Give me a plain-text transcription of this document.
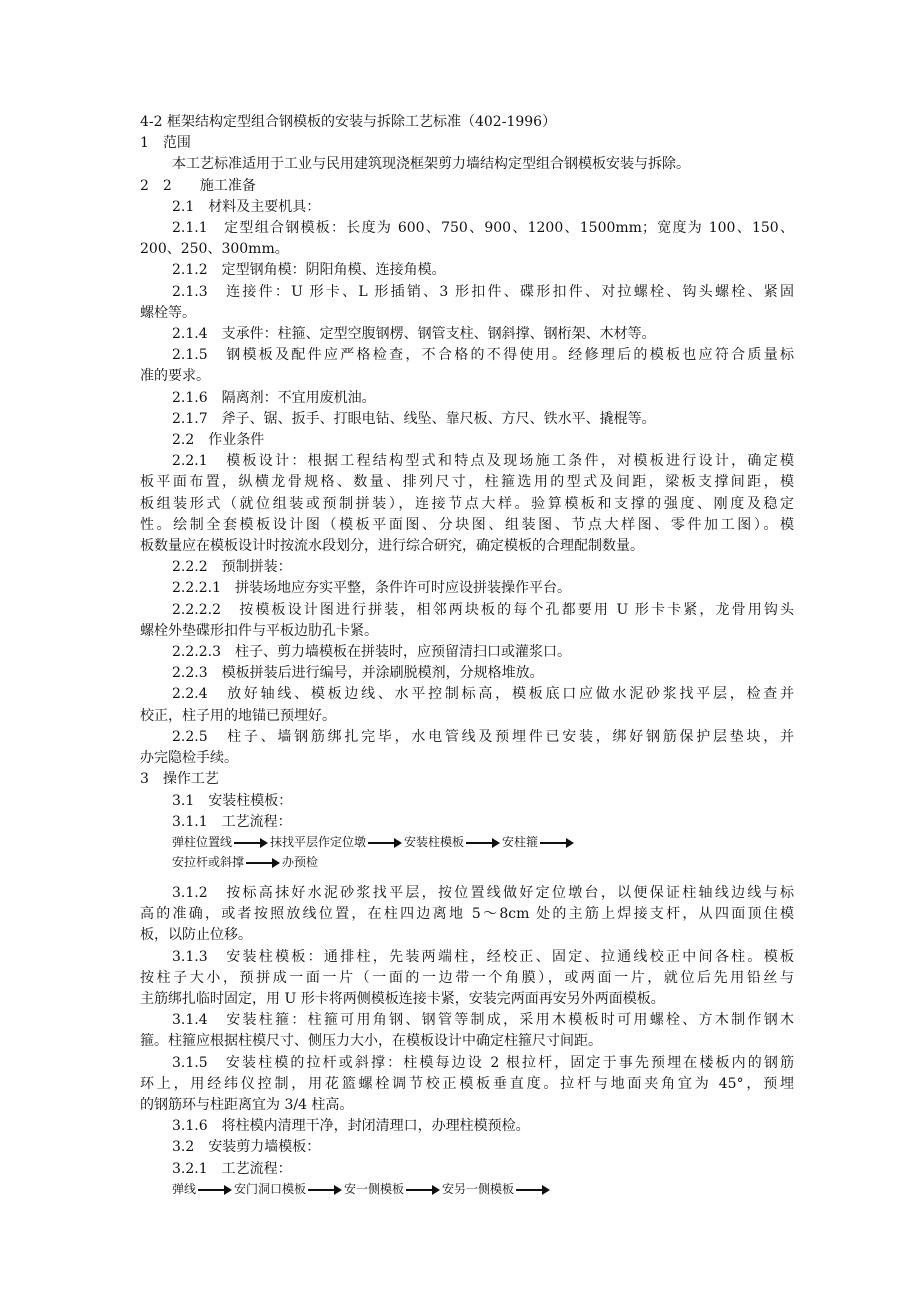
4-2 框架结构定型组合钢模板的安装与拆除工艺标准（402-1996）
1　范围
本工艺标准适用于工业与民用建筑现浇框架剪力墙结构定型组合钢模板安装与拆除。
2　2　　施工准备
2.1　材料及主要机具：
2.1.1　定型组合钢模板：长度为 600、750、900、1200、1500mm；宽度为 100、150、
200、250、300mm。
2.1.2　定型钢角模：阴阳角模、连接角模。
2.1.3　连接件：U 形卡、L 形插销、3 形扣件、碟形扣件、对拉螺栓、钩头螺栓、紧固
螺栓等。
2.1.4　支承件：柱箍、定型空腹钢楞、钢管支柱、钢斜撑、钢桁架、木材等。
2.1.5　钢模板及配件应严格检查，不合格的不得使用。经修理后的模板也应符合质量标
准的要求。
2.1.6　隔离剂：不宜用废机油。
2.1.7　斧子、锯、扳手、打眼电钻、线坠、靠尺板、方尺、铁水平、撬棍等。
2.2　作业条件
2.2.1　模板设计：根据工程结构型式和特点及现场施工条件，对模板进行设计，确定模
板平面布置，纵横龙骨规格、数量、排列尺寸，柱箍选用的型式及间距，梁板支撑间距，模
板组装形式（就位组装或预制拼装），连接节点大样。验算模板和支撑的强度、刚度及稳定
性。绘制全套模板设计图（模板平面图、分块图、组装图、节点大样图、零件加工图）。模
板数量应在模板设计时按流水段划分，进行综合研究，确定模板的合理配制数量。
2.2.2　预制拼装：
2.2.2.1　拼装场地应夯实平整，条件许可时应设拼装操作平台。
2.2.2.2　按模板设计图进行拼装，相邻两块板的每个孔都要用 U 形卡卡紧，龙骨用钩头
螺栓外垫碟形扣件与平板边肋孔卡紧。
2.2.2.3　柱子、剪力墙模板在拼装时，应预留清扫口或灌浆口。
2.2.3　模板拼装后进行编号，并涂刷脱模剂，分规格堆放。
2.2.4　放好轴线、模板边线、水平控制标高，模板底口应做水泥砂浆找平层，检查并
校正，柱子用的地锚已预埋好。
2.2.5　柱子、墙钢筋绑扎完毕，水电管线及预埋件已安装，绑好钢筋保护层垫块，并
办完隐检手续。
3　操作工艺
3.1　安装柱模板：
3.1.1　工艺流程：
弹柱位置线	抹找平层作定位墩	安装柱模板	安柱箍
安拉杆或斜撑	办预检
3.1.2　按标高抹好水泥砂浆找平层，按位置线做好定位墩台，以便保证柱轴线边线与标
高的准确，或者按照放线位置，在柱四边离地 5～8cm 处的主筋上焊接支杆，从四面顶住模
板，以防止位移。
3.1.3　安装柱模板：通排柱，先装两端柱，经校正、固定、拉通线校正中间各柱。模板
按柱子大小，预拼成一面一片（一面的一边带一个角膜），或两面一片，就位后先用铅丝与
主筋绑扎临时固定，用 U 形卡将两侧模板连接卡紧，安装完两面再安另外两面模板。
3.1.4　安装柱箍：柱箍可用角钢、钢管等制成，采用木模板时可用螺栓、方木制作钢木
箍。柱箍应根据柱模尺寸、侧压力大小，在模板设计中确定柱箍尺寸间距。
3.1.5　安装柱模的拉杆或斜撑：柱模每边设 2 根拉杆，固定于事先预埋在楼板内的钢筋
环上，用经纬仪控制，用花篮螺栓调节校正模板垂直度。拉杆与地面夹角宜为 45°，预埋
的钢筋环与柱距离宜为 3/4 柱高。
3.1.6　将柱模内清理干净，封闭清理口，办理柱模预检。
3.2　安装剪力墙模板：
3.2.1　工艺流程：
弹线	安门洞口模板	安一侧模板	安另一侧模板
